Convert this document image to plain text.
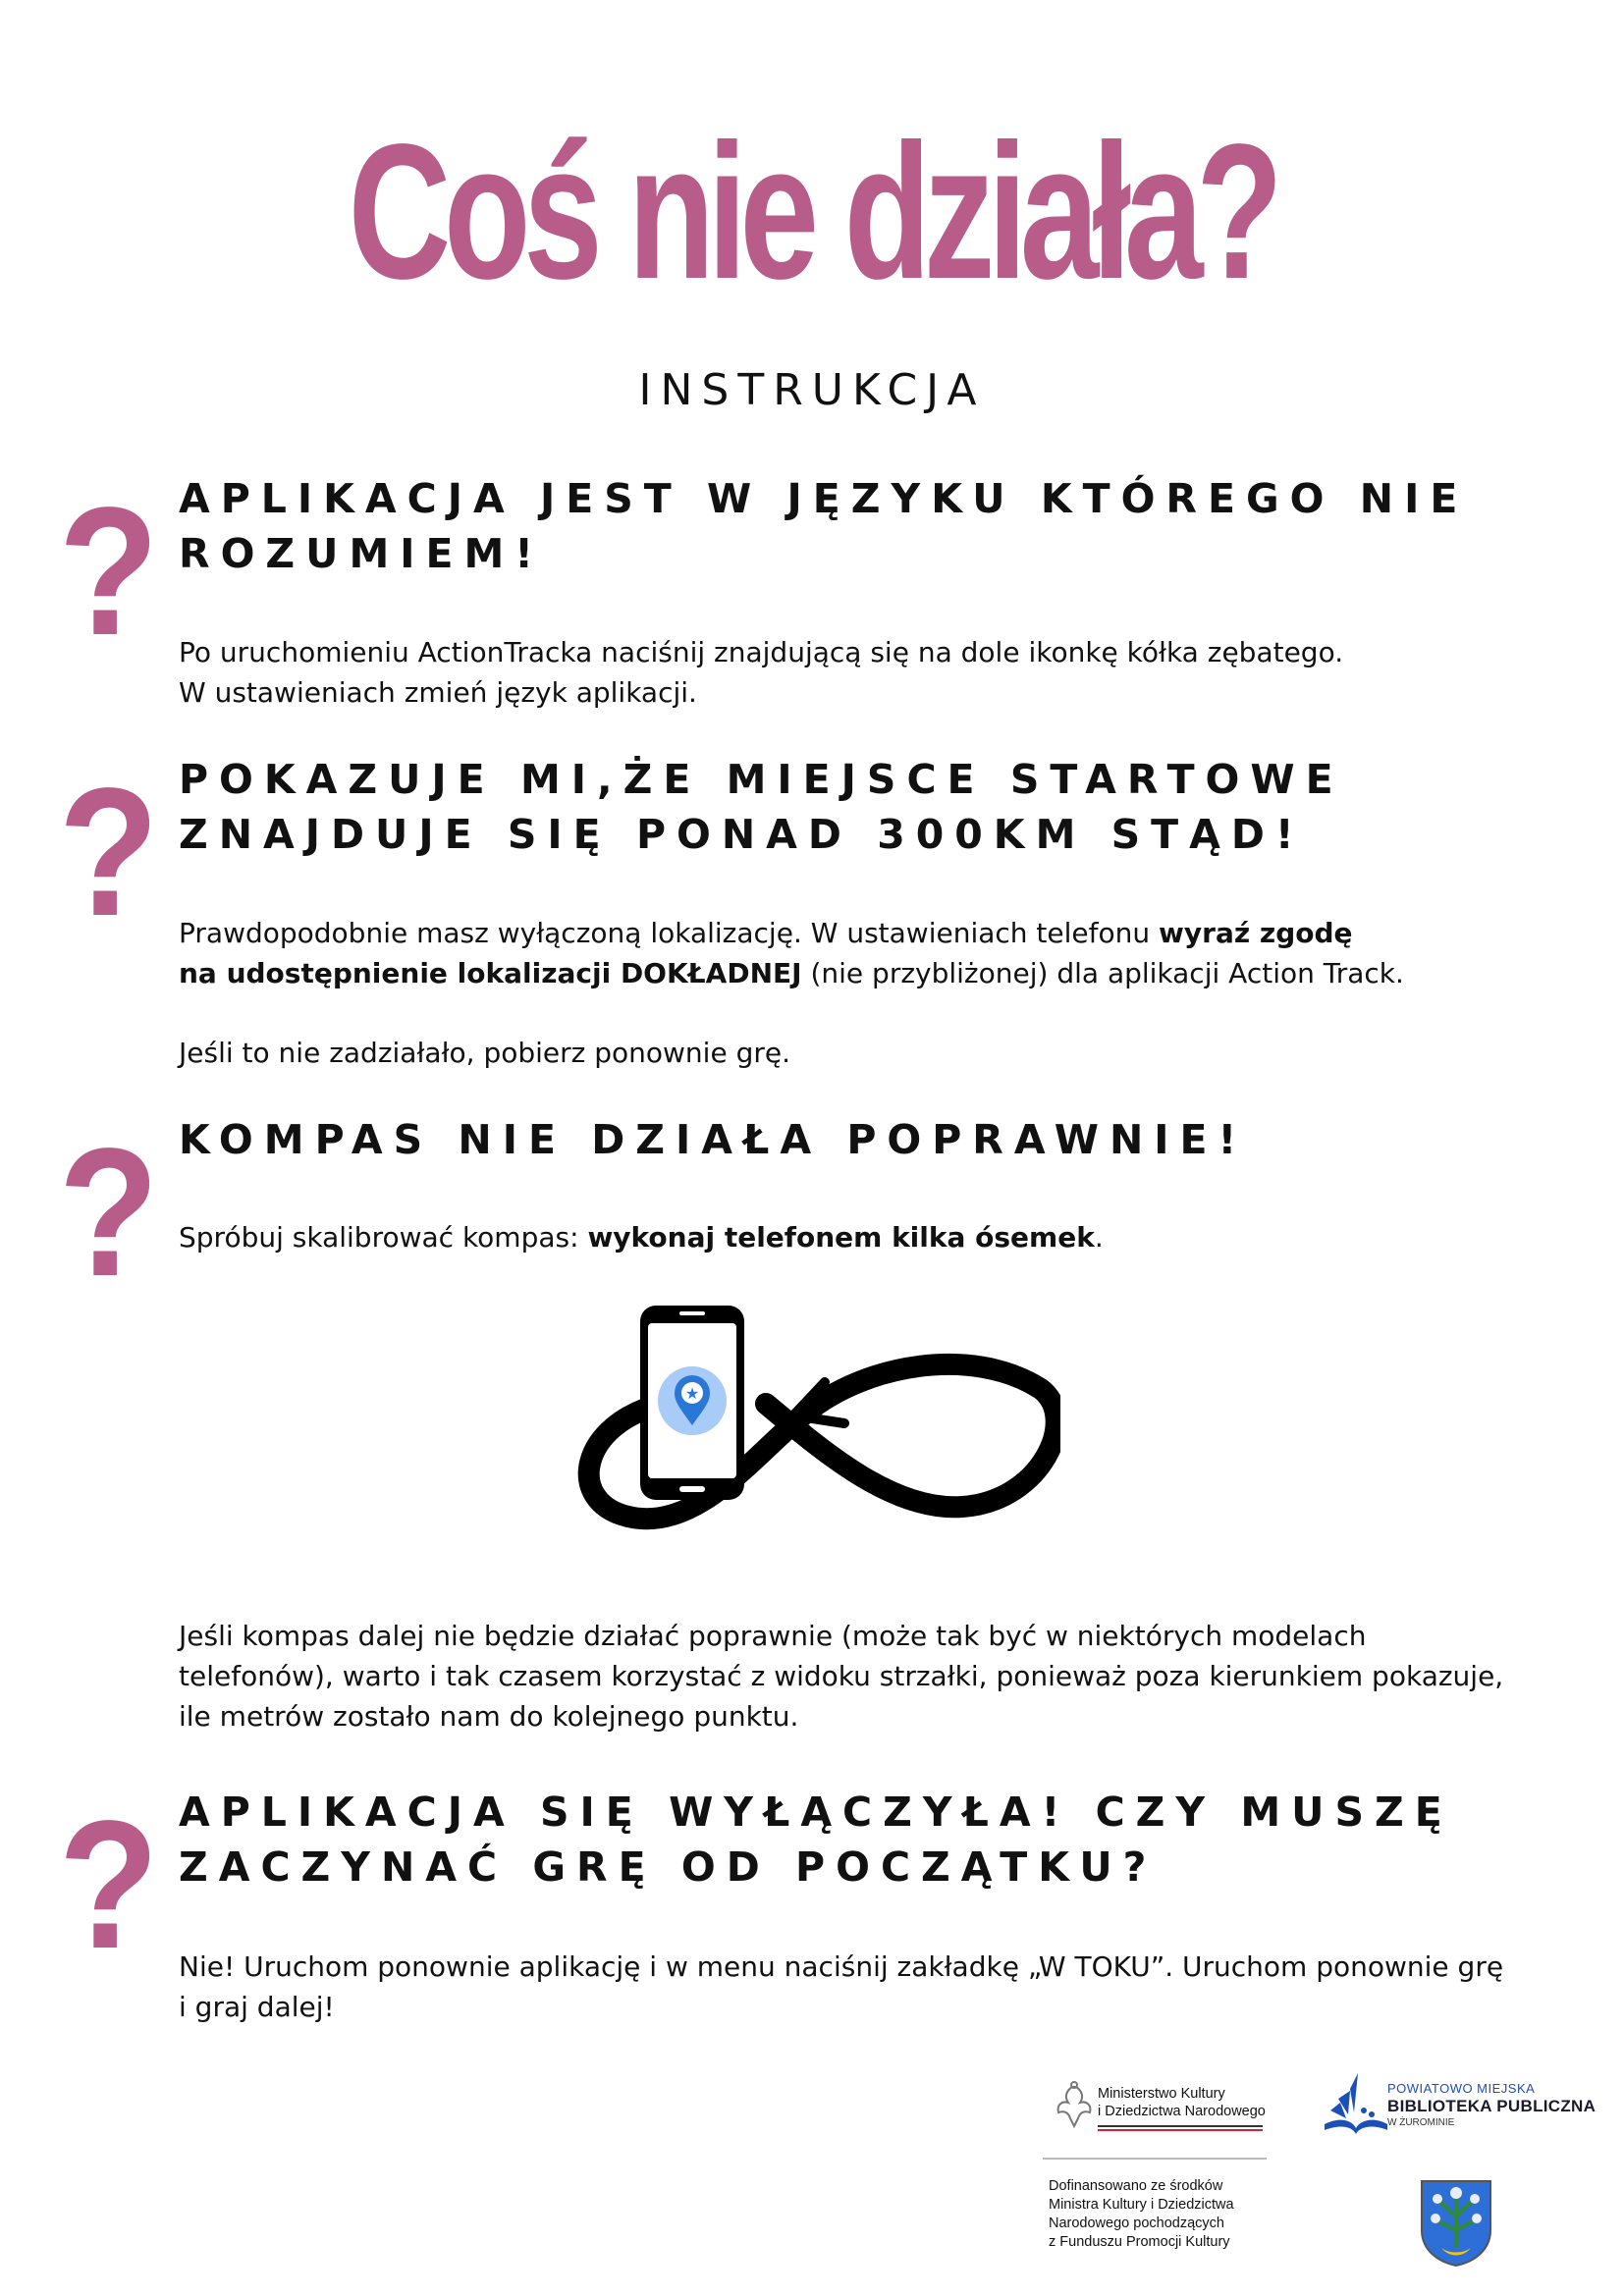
Coś nie działa?
INSTRUKCJA
? APLIKACJA JEST W JĘZYKU KTÓREGO NIE ROZUMIEM!
Po uruchomieniu ActionTracka naciśnij znajdującą się na dole ikonkę kółka zębatego.
W ustawieniach zmień język aplikacji.
? POKAZUJE MI,ŻE MIEJSCE STARTOWE
ZNAJDUJE SIĘ PONAD 300KM STĄD!
Prawdopodobnie masz wyłączoną lokalizację. W ustawieniach telefonu wyraź zgodę
na udostępnienie lokalizacji DOKŁADNEJ (nie przybliżonej) dla aplikacji Action Track.
Jeśli to nie zadziałało, pobierz ponownie grę.
? KOMPAS NIE DZIAŁA POPRAWNIE!
Spróbuj skalibrować kompas: wykonaj telefonem kilka ósemek.
★
Jeśli kompas dalej nie będzie działać poprawnie (może tak być w niektórych modelach telefonów), warto i tak czasem korzystać z widoku strzałki, ponieważ poza kierunkiem pokazuje, ile metrów zostało nam do kolejnego punktu.
? APLIKACJA SIĘ WYŁĄCZYŁA! CZY MUSZĘ
ZACZYNAĆ GRĘ OD POCZĄTKU?
Nie! Uruchom ponownie aplikację i w menu naciśnij zakładkę „W TOKU”. Uruchom ponownie grę i graj dalej!
Ministerstwo Kultury
i Dziedzictwa Narodowego
Dofinansowano ze środków
Ministra Kultury i Dziedzictwa
Narodowego pochodzących
z Funduszu Promocji Kultury
POWIATOWO MIEJSKA
BIBLIOTEKA PUBLICZNA
W ŻUROMINIE
